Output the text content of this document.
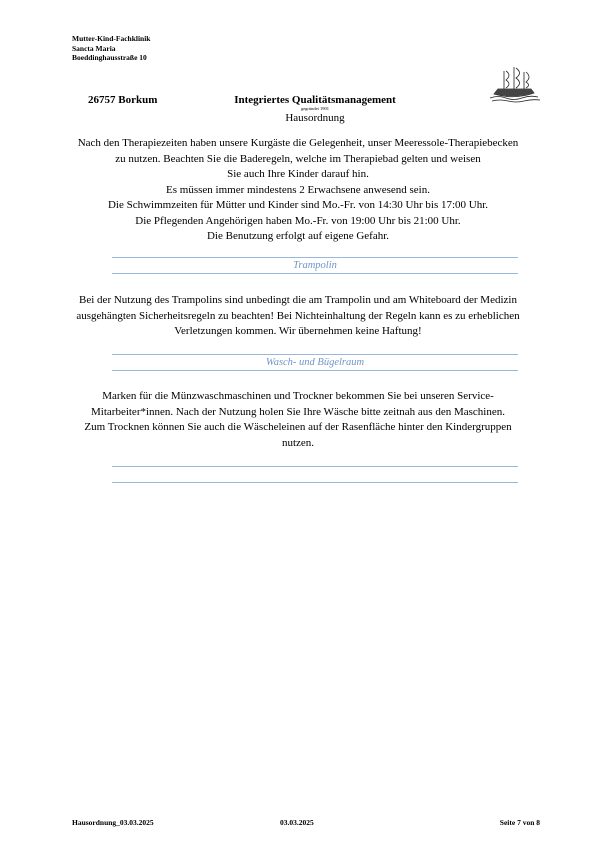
Mutter-Kind-Fachklinik
Sancta Maria
Boeddinghausstraße 10
26757 Borkum	Integriertes Qualitätsmanagement
gegründet 1901
Hausordnung
Nach den Therapiezeiten haben unsere Kurgäste die Gelegenheit, unser Meeressole-Therapiebecken
zu nutzen. Beachten Sie die Baderegeln, welche im Therapiebad gelten und weisen
Sie auch Ihre Kinder darauf hin.
Es müssen immer mindestens 2 Erwachsene anwesend sein.
Die Schwimmzeiten für Mütter und Kinder sind Mo.-Fr. von 14:30 Uhr bis 17:00 Uhr.
Die Pflegenden Angehörigen haben Mo.-Fr. von 19:00 Uhr bis 21:00 Uhr.
Die Benutzung erfolgt auf eigene Gefahr.
Trampolin
Bei der Nutzung des Trampolins sind unbedingt die am Trampolin und am Whiteboard der Medizin
ausgehängten Sicherheitsregeln zu beachten! Bei Nichteinhaltung der Regeln kann es zu erheblichen
Verletzungen kommen. Wir übernehmen keine Haftung!
Wasch- und Bügelraum
Marken für die Münzwaschmaschinen und Trockner bekommen Sie bei unseren Service-
Mitarbeiter*innen. Nach der Nutzung holen Sie Ihre Wäsche bitte zeitnah aus den Maschinen.
Zum Trocknen können Sie auch die Wäscheleinen auf der Rasenfläche hinter den Kindergruppen
nutzen.
Hausordnung_03.03.2025	03.03.2025	Seite 7 von 8
